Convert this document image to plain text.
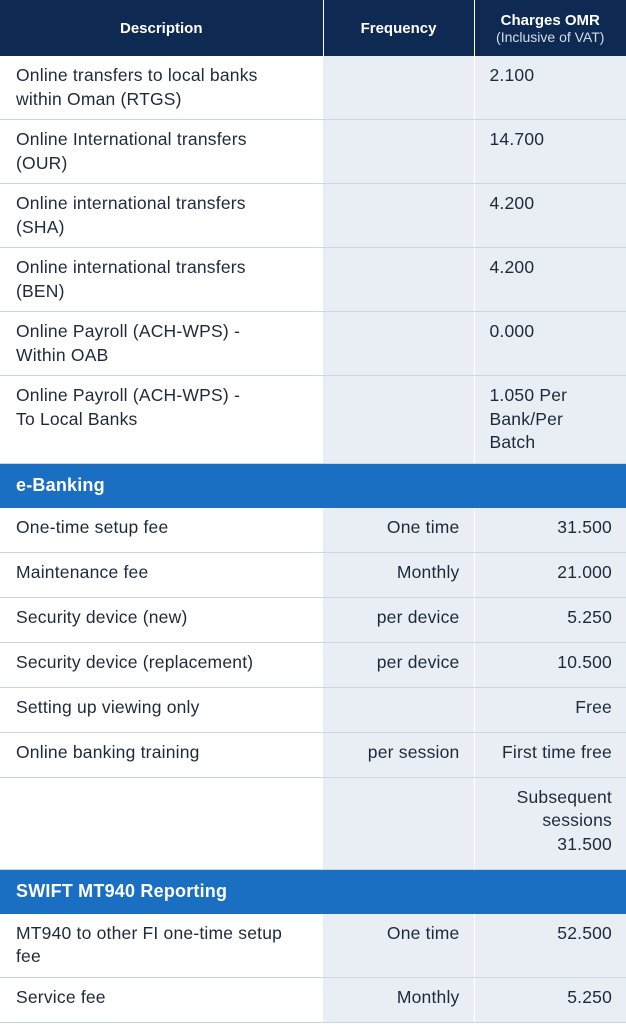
Description	Frequency	Charges OMR
(Inclusive of VAT)

Online transfers to local banks
within Oman (RTGS)		2.100
Online International transfers
(OUR)		14.700
Online international transfers
(SHA)		4.200
Online international transfers
(BEN)		4.200
Online Payroll (ACH-WPS) -
Within OAB		0.000
Online Payroll (ACH-WPS) -
To Local Banks		1.050 Per
Bank/Per
Batch
e-Banking		
One-time setup fee	One time	31.500
Maintenance fee	Monthly	21.000
Security device (new)	per device	5.250
Security device (replacement)	per device	10.500
Setting up viewing only		Free
Online banking training	per session	First time free
		Subsequent
sessions
31.500
SWIFT MT940 Reporting		
MT940 to other FI one-time setup
fee	One time	52.500
Service fee	Monthly	5.250
